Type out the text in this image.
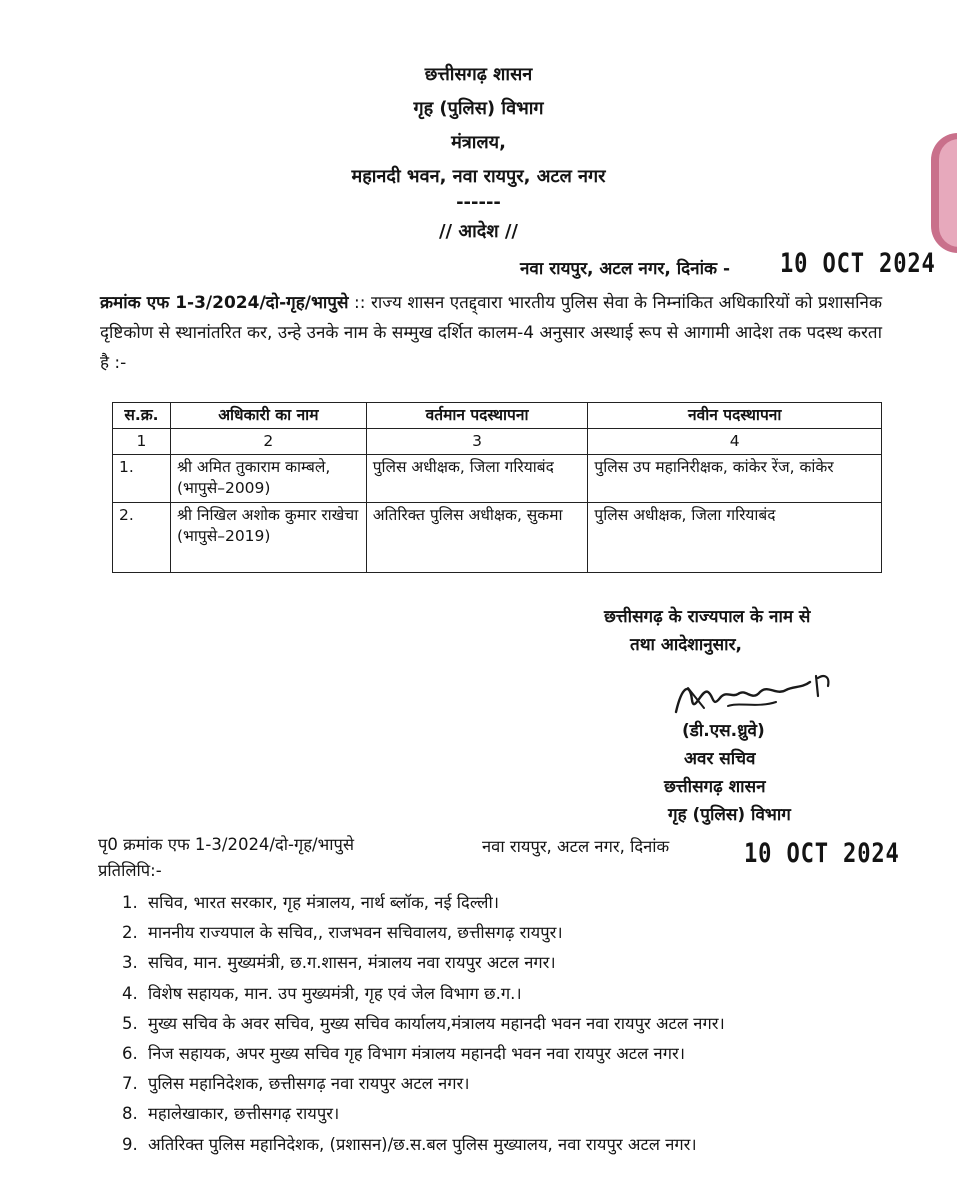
छत्तीसगढ़ शासन
गृह (पुलिस) विभाग
मंत्रालय,
महानदी भवन, नवा रायपुर, अटल नगर
------
// आदेश //
नवा रायपुर, अटल नगर, दिनांक - 10 OCT 2024
क्रमांक एफ 1-3/2024/दो-गृह/भापुसे :: राज्य शासन एतद्द्वारा भारतीय पुलिस सेवा के निम्नांकित अधिकारियों को प्रशासनिक दृष्टिकोण से स्थानांतरित कर, उन्हे उनके नाम के सम्मुख दर्शित कालम-4 अनुसार अस्थाई रूप से आगामी आदेश तक पदस्थ करता है :-
स.क्र.	अधिकारी का नाम	वर्तमान पदस्थापना	नवीन पदस्थापना
1	2	3	4
1.	श्री अमित तुकाराम काम्बले, (भापुसे–2009)	पुलिस अधीक्षक, जिला गरियाबंद	पुलिस उप महानिरीक्षक, कांकेर रेंज, कांकेर
2.	श्री निखिल अशोक कुमार राखेचा (भापुसे–2019)	अतिरिक्त पुलिस अधीक्षक, सुकमा	पुलिस अधीक्षक, जिला गरियाबंद
छत्तीसगढ़ के राज्यपाल के नाम से
तथा आदेशानुसार,
(डी.एस.ध्रुवे)
अवर सचिव
छत्तीसगढ़ शासन
गृह (पुलिस) विभाग
पृ0 क्रमांक एफ 1-3/2024/दो-गृह/भापुसे	नवा रायपुर, अटल नगर, दिनांक	10 OCT 2024
प्रतिलिपि:-
1. सचिव, भारत सरकार, गृह मंत्रालय, नार्थ ब्लॉक, नई दिल्ली।
2. माननीय राज्यपाल के सचिव,, राजभवन सचिवालय, छत्तीसगढ़ रायपुर।
3. सचिव, मान. मुख्यमंत्री, छ.ग.शासन, मंत्रालय नवा रायपुर अटल नगर।
4. विशेष सहायक, मान. उप मुख्यमंत्री, गृह एवं जेल विभाग छ.ग.।
5. मुख्य सचिव के अवर सचिव, मुख्य सचिव कार्यालय,मंत्रालय महानदी भवन नवा रायपुर अटल नगर।
6. निज सहायक, अपर मुख्य सचिव गृह विभाग मंत्रालय महानदी भवन नवा रायपुर अटल नगर।
7. पुलिस महानिदेशक, छत्तीसगढ़ नवा रायपुर अटल नगर।
8. महालेखाकार, छत्तीसगढ़ रायपुर।
9. अतिरिक्त पुलिस महानिदेशक, (प्रशासन)/छ.स.बल पुलिस मुख्यालय, नवा रायपुर अटल नगर।
